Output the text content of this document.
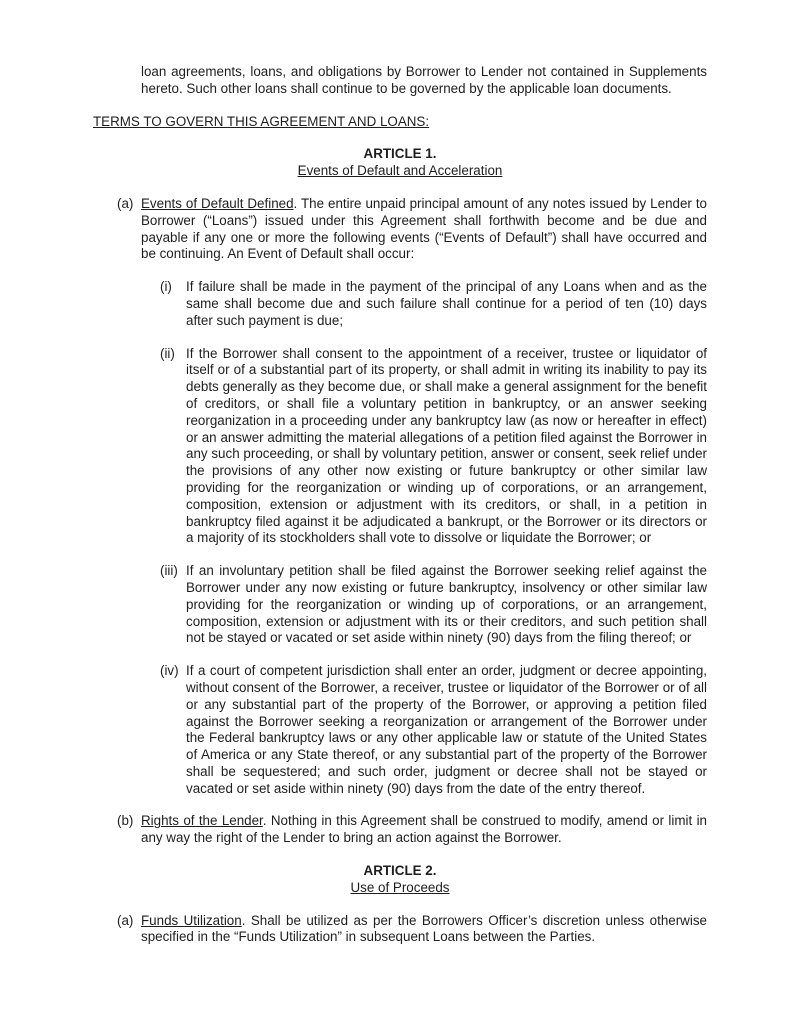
loan agreements, loans, and obligations by Borrower to Lender not contained in Supplements hereto. Such other loans shall continue to be governed by the applicable loan documents.

TERMS TO GOVERN THIS AGREEMENT AND LOANS:

ARTICLE 1.
Events of Default and Acceleration
(a) Events of Default Defined. The entire unpaid principal amount of any notes issued by Lender to Borrower (“Loans”) issued under this Agreement shall forthwith become and be due and payable if any one or more the following events (“Events of Default”) shall have occurred and be continuing. An Event of Default shall occur:
(i)	If failure shall be made in the payment of the principal of any Loans when and as the same shall become due and such failure shall continue for a period of ten (10) days after such payment is due;
(ii) If the Borrower shall consent to the appointment of a receiver, trustee or liquidator of itself or of a substantial part of its property, or shall admit in writing its inability to pay its debts generally as they become due, or shall make a general assignment for the benefit of creditors, or shall file a voluntary petition in bankruptcy, or an answer seeking reorganization in a proceeding under any bankruptcy law (as now or hereafter in effect) or an answer admitting the material allegations of a petition filed against the Borrower in any such proceeding, or shall by voluntary petition, answer or consent, seek relief under the provisions of any other now existing or future bankruptcy or other similar law providing for the reorganization or winding up of corporations, or an arrangement, composition, extension or adjustment with its creditors, or shall, in a petition in bankruptcy filed against it be adjudicated a bankrupt, or the Borrower or its directors or a majority of its stockholders shall vote to dissolve or liquidate the Borrower; or
(iii) If an involuntary petition shall be filed against the Borrower seeking relief against the Borrower under any now existing or future bankruptcy, insolvency or other similar law providing for the reorganization or winding up of corporations, or an arrangement, composition, extension or adjustment with its or their creditors, and such petition shall not be stayed or vacated or set aside within ninety (90) days from the filing thereof; or
(iv) If a court of competent jurisdiction shall enter an order, judgment or decree appointing, without consent of the Borrower, a receiver, trustee or liquidator of the Borrower or of all or any substantial part of the property of the Borrower, or approving a petition filed against the Borrower seeking a reorganization or arrangement of the Borrower under the Federal bankruptcy laws or any other applicable law or statute of the United States of America or any State thereof, or any substantial part of the property of the Borrower shall be sequestered; and such order, judgment or decree shall not be stayed or vacated or set aside within ninety (90) days from the date of the entry thereof.
(b) Rights of the Lender. Nothing in this Agreement shall be construed to modify, amend or limit in any way the right of the Lender to bring an action against the Borrower.
ARTICLE 2.
Use of Proceeds
(a) Funds Utilization. Shall be utilized as per the Borrowers Officer’s discretion unless otherwise specified in the “Funds Utilization” in subsequent Loans between the Parties.
